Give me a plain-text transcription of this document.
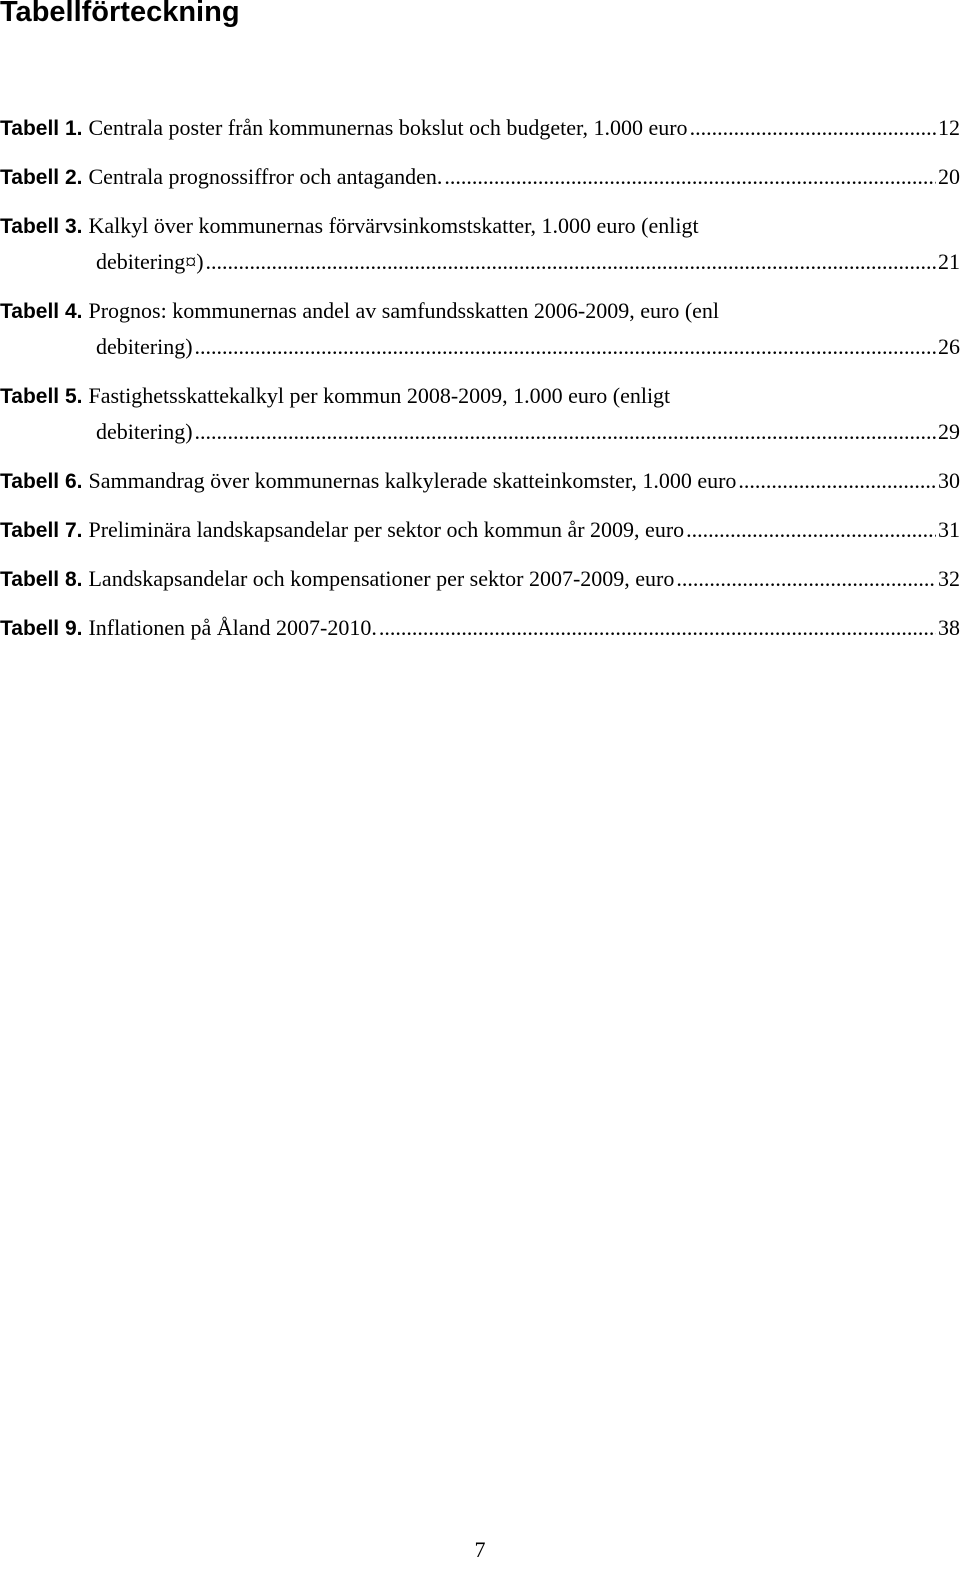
Tabellförteckning
Tabell 1. Centrala poster från kommunernas bokslut och budgeter, 1.000 euro .....	12
Tabell 2. Centrala prognossiffror och antaganden. .....	20
Tabell 3. Kalkyl över kommunernas förvärvsinkomstskatter, 1.000 euro (enligt
debitering¤) .....	21
Tabell 4. Prognos: kommunernas andel av samfundsskatten 2006-2009, euro (enl
debitering) .....	26
Tabell 5. Fastighetsskattekalkyl per kommun 2008-2009, 1.000 euro (enligt
debitering) .....	29
Tabell 6. Sammandrag över kommunernas kalkylerade skatteinkomster, 1.000 euro .....	30
Tabell 7. Preliminära landskapsandelar per sektor och kommun år 2009, euro .....	31
Tabell 8. Landskapsandelar och kompensationer per sektor 2007-2009, euro .....	32
Tabell 9. Inflationen på Åland 2007-2010. .....	38
7
